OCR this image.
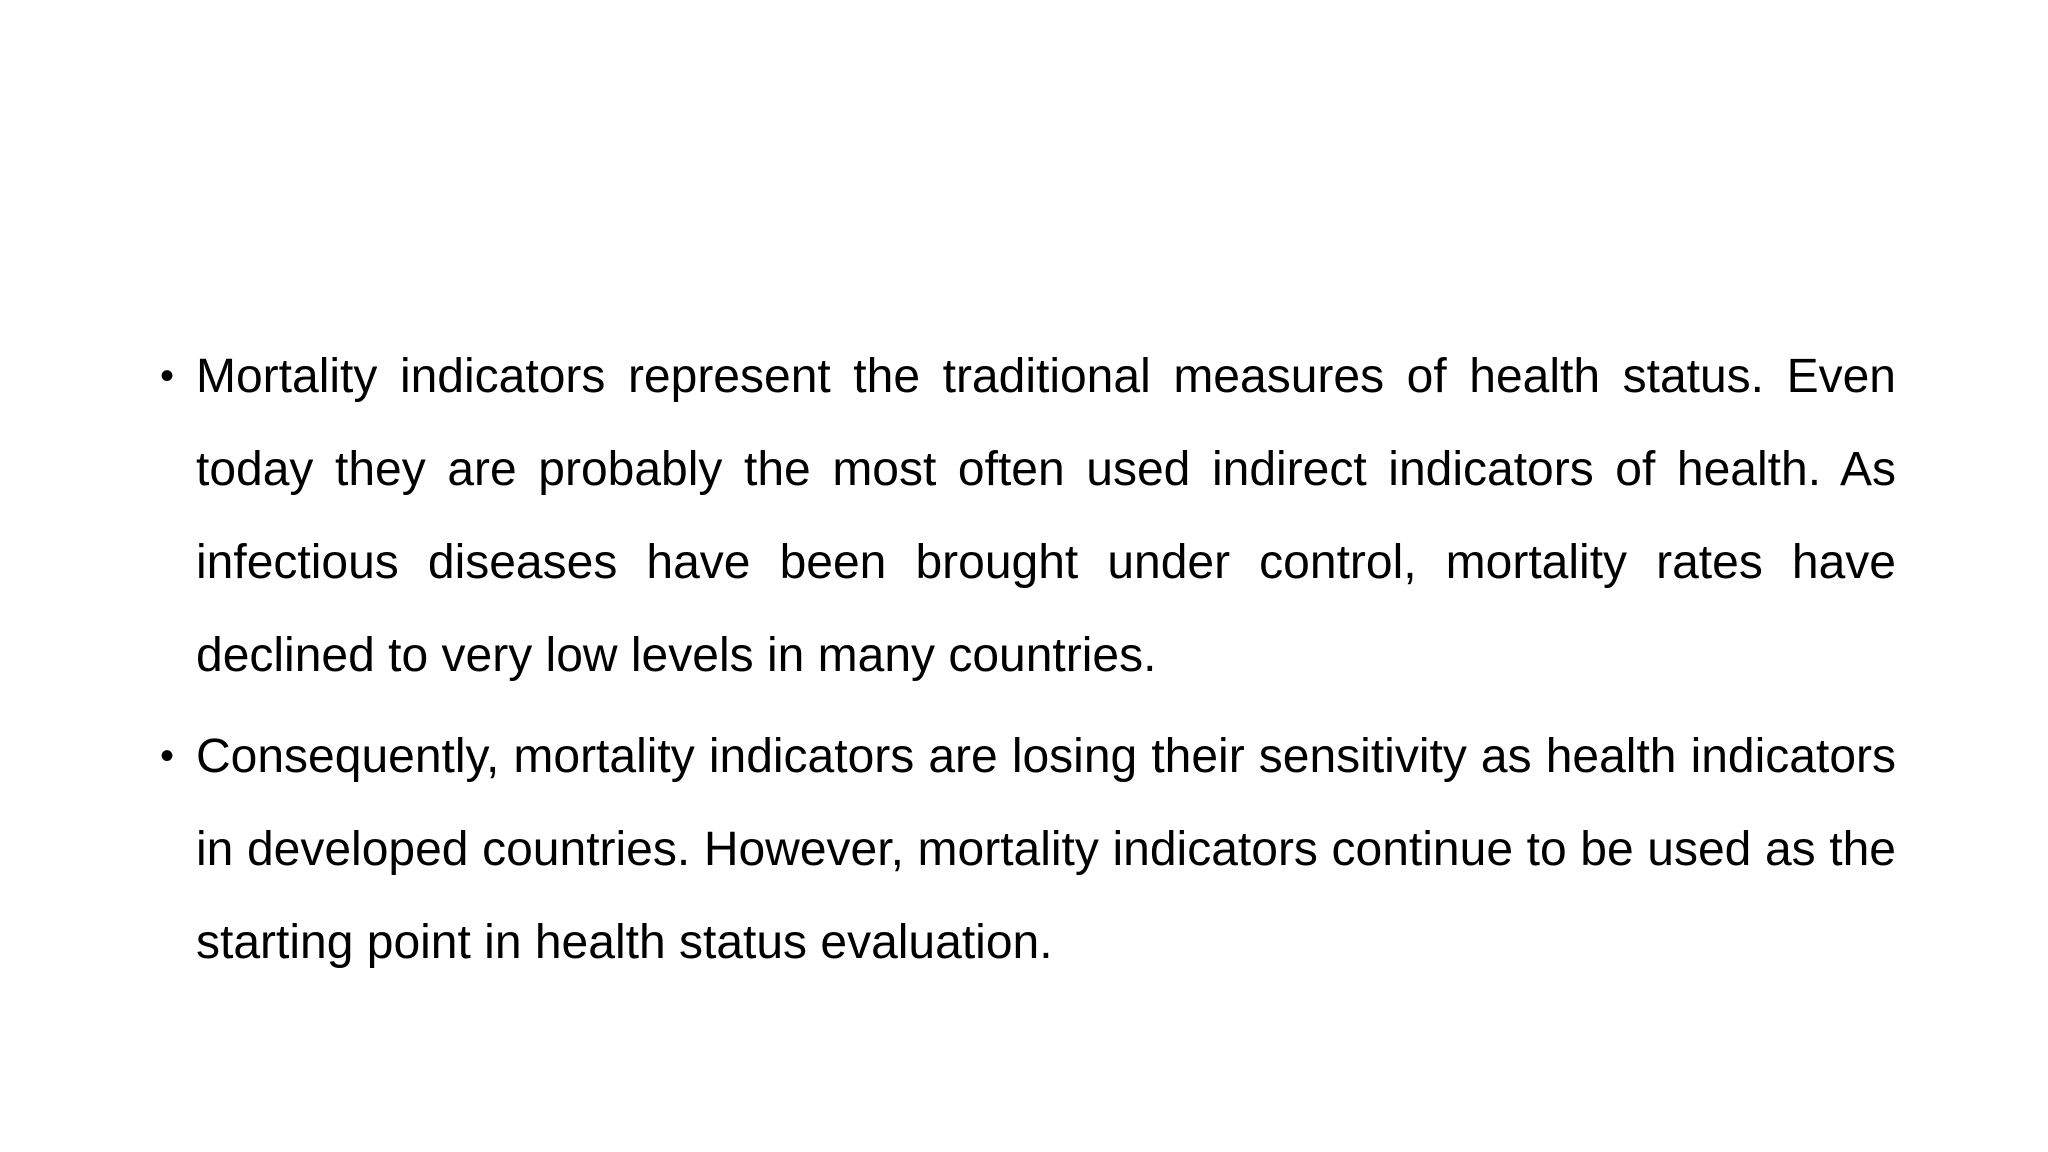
• Mortality indicators represent the traditional measures of health status. Even today they are probably the most often used indirect indicators of health. As infectious diseases have been brought under control, mortality rates have declined to very low levels in many countries.
• Consequently, mortality indicators are losing their sensitivity as health indicators in developed countries. However, mortality indicators continue to be used as the starting point in health status evaluation.
